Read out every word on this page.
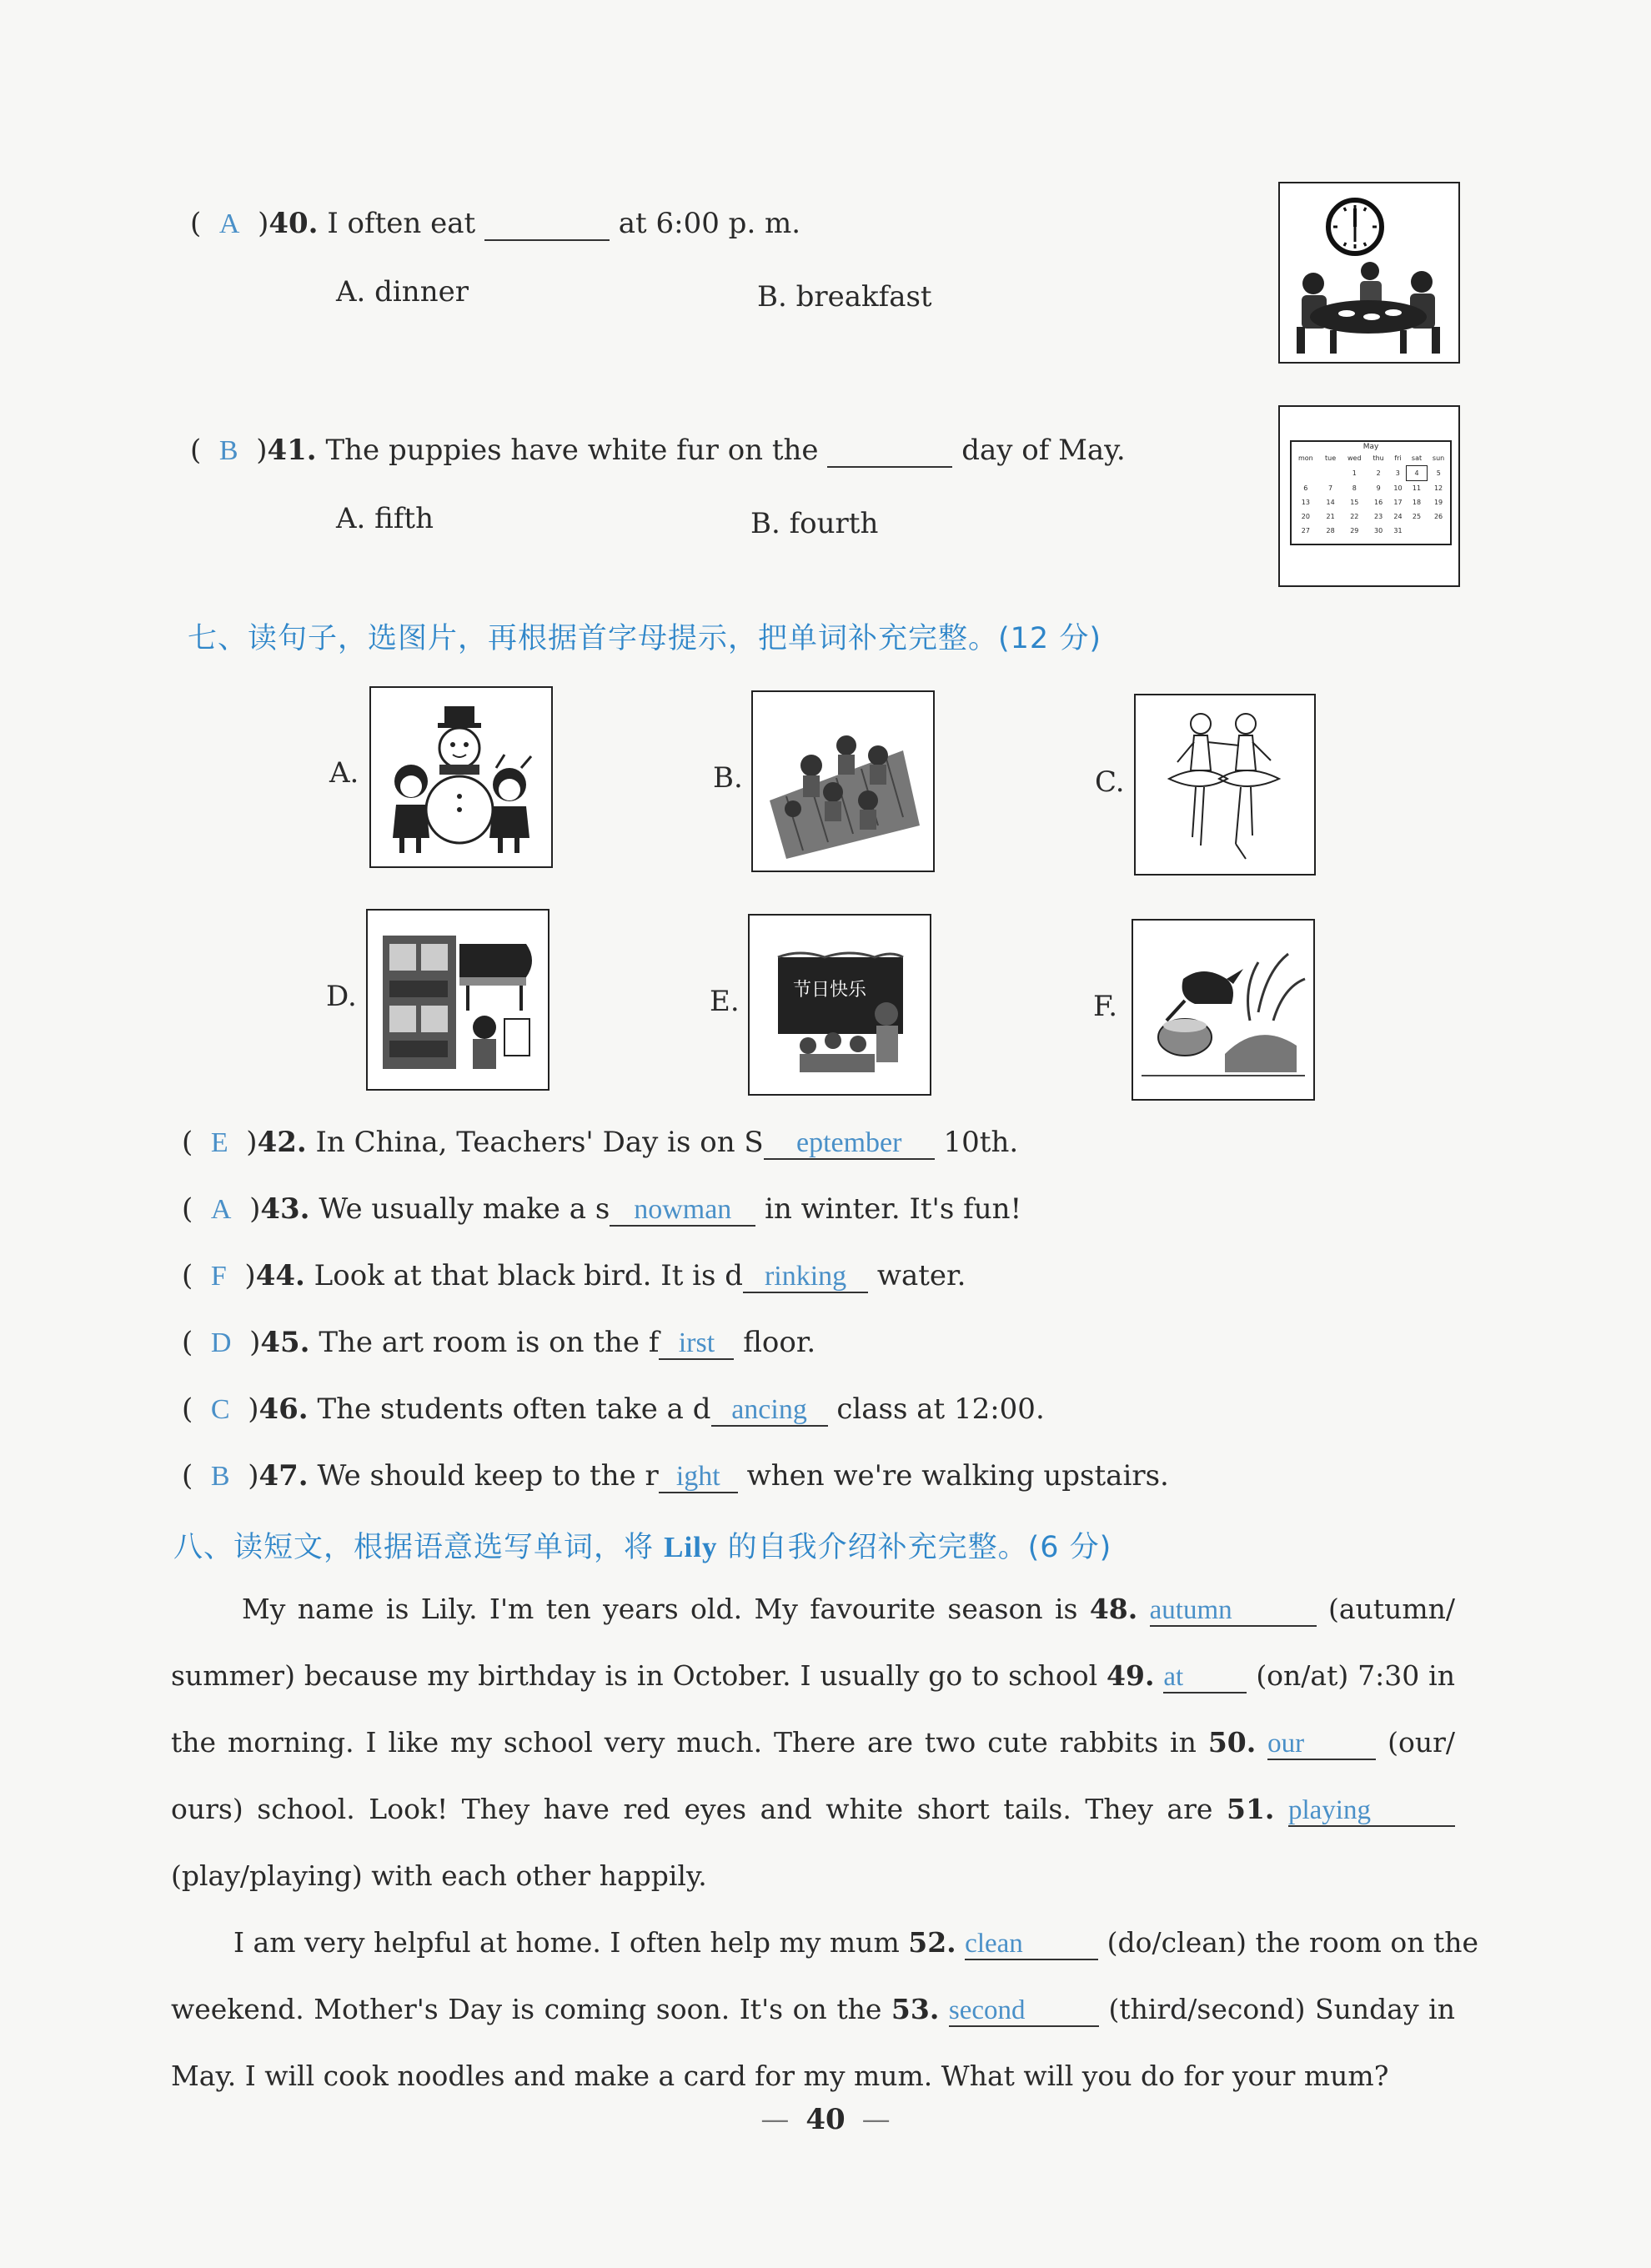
(  A  )40. I often eat	at 6:00 p. m.
A. dinner	B. breakfast
(  B  )41. The puppies have white fur on the	day of May.
A. fifth	B. fourth
May
mon	tue	wed	thu	fri	sat	sun
		1	2	3	4	5
6	7	8	9	10	11	12
13	14	15	16	17	18	19
20	21	22	23	24	25	26
27	28	29	30	31		
七、读句子，选图片，再根据首字母提示，把单词补充完整。(12 分)
A.	B.	C.
D.	E.	节日快乐	F.
(  E  )42. In China, Teachers' Day is on S eptember 10th.
(  A  )43. We usually make a s nowman in winter. It's fun!
(  F  )44. Look at that black bird. It is d rinking water.
(  D  )45. The art room is on the f irst floor.
(  C  )46. The students often take a d ancing class at 12:00.
(  B  )47. We should keep to the r ight when we're walking upstairs.
八、读短文，根据语意选写单词，将 Lily 的自我介绍补充完整。(6 分)
My name is Lily. I'm ten years old. My favourite season is 48. autumn	(autumn/
summer) because my birthday is in October. I usually go to school 49. at	(on/at) 7:30 in
the morning. I like my school very much. There are two cute rabbits in 50. our	(our/
ours) school. Look! They have red eyes and white short tails. They are 51. playing
(play/playing) with each other happily.
I am very helpful at home. I often help my mum 52. clean	(do/clean) the room on the
weekend. Mother's Day is coming soon. It's on the 53. second	(third/second) Sunday in
May. I will cook noodles and make a card for my mum. What will you do for your mum?
— 40 —
